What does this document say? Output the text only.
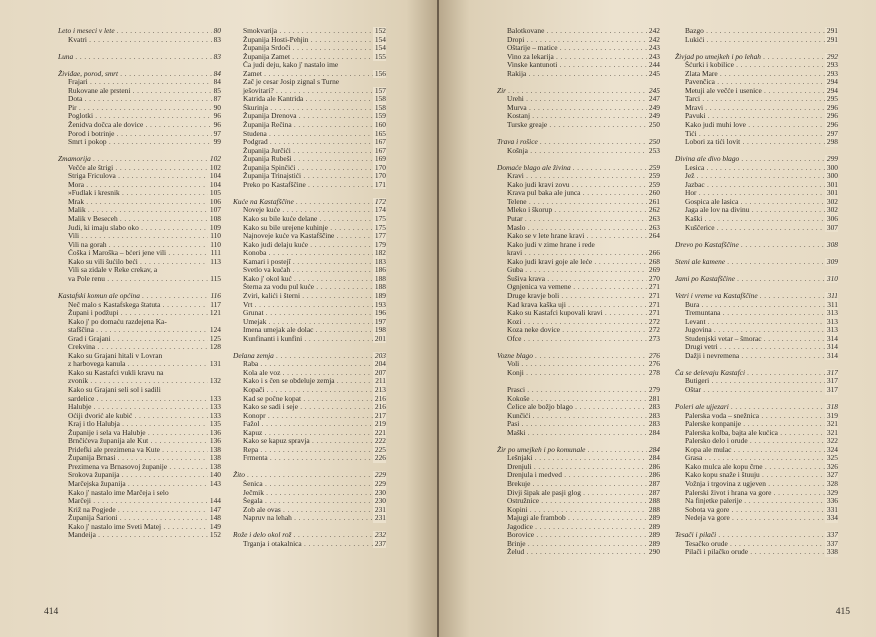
Leto i meseci v lete . . .	80
Kvatri . . .	83
Luna . . .	83
Živiđae, porod, smrt . . .	84
Frajari . . .	84
Rukovane ale prsteni . . .	85
Dota . . .	87
Pir . . .	90
Poglotki . . .	96
Ženidva dočca ale dovice . . .	96
Porod i botrinje . . .	97
Smrt i pokop . . .	99
Zmamorija . . .	102
Večće ale štrigi . . .	102
Striga Friculova . . .	104
Mora . . .	104
»Fudlak i kresnik . . .	105
Mrak . . .	106
Malik . . .	107
Malik v Beseceh . . .	108
Judi, ki imaju slabo oko . . .	109
Vili . . .	110
Vili na gorah . . .	110
Čoška i Maroška – bćeri jene vili . . .	111
Kako su vili šućilo beći . . .	113
Vili sa zidale v Reke crekav, a
va Pole renu . . .	115
Kastafski komun ale općina . . .	116
Neč malo s Kastafskega štatuta . . .	117
Župani i podžupi . . .	121
Kako j' po domaću razdejena Ka-
stafščina . . .	124
Grad i Grajani . . .	125
Crekvina . . .	128
Kako su Grajani hitali v Lovran
z harbovega kanula . . .	131
Kako su Kastafci vukli kravu na
zvonik . . .	132
Kako su Grajani seli sol i sadili
sardelice . . .	133
Halubje . . .	133
Oćiji dvorić ale kubić . . .	133
Kraj i tlo Halubja . . .	135
Županije i sela va Halubje . . .	136
Brnčićeva županija ale Kut . . .	136
Pridefki ale prezimena va Kute . . .	138
Županija Brnasi . . .	138
Prezimena va Brnasovoj županije . . .	138
Srokova županija . . .	140
Marčejska županija . . .	143
Kako j' nastalo ime Marčeja i selo
Marčeji . . .	144
Križ na Pogjede . . .	147
Županija Šarioni . . .	148
Kako j' nastalo ime Sveti Matej . . .	149
Mandeija . . .	152
Smokvarija . . .	152
Županija Hosti-Pehjin . . .	154
Županija Srdoči . . .	154
Županija Zamet . . .	155
Ča judi deju, kako j' nastalo ime
Zamet . . .	156
Zač je cesar Josip zignal s Turne
ješovitari? . . .	157
Katrida ale Kantrida . . .	158
Škurinja . . .	158
Županija Drenova . . .	159
Županija Rečina . . .	160
Studena . . .	165
Podgrad . . .	167
Županija Jurčići . . .	167
Županija Rubeši . . .	169
Županija Spinčići . . .	170
Županija Trinajstići . . .	170
Preko po Kastafščine . . .	171
Kuće na Kastafščine . . .	172
Noveje kuće . . .	174
Kako su bile kuće delane . . .	175
Kako su bile urejene kuhinje . . .	175
Najnoveje kuće va Kastafščine . . .	177
Kako judi delaju kuće . . .	179
Konoba . . .	182
Kamari i postejî . . .	183
Svetlo va kućah . . .	186
Kako j' okol kuć . . .	188
Šterna za vodu pul kuće . . .	188
Zviri, kalići i šterni . . .	189
Vrt . . .	193
Grunat . . .	196
Umejak . . .	197
Imena umejak ale dolac . . .	198
Kunfinanti i kunfini . . .	201
Delana zemja . . .	203
Raba . . .	204
Kola ale voz . . .	207
Kako i s čen se obdeluje zemja . . .	211
Kopači . . .	213
Kad se počne kopat . . .	216
Kako se sadi i seje . . .	216
Konopr . . .	217
Fažol . . .	219
Kapuz . . .	221
Kako se kapuz spravja . . .	222
Repa . . .	225
Frmenta . . .	226
Žito . . .	229
Šenica . . .	229
Ječmik . . .	230
Šegala . . .	230
Zob ale ovas . . .	231
Napruv na lehah . . .	231
Rože i delo okol rož . . .	232
Trganja i otakalnica . . .	237
414
Balotkovane . . .	242
Dropi . . .	242
Oštarije – matice . . .	243
Vino za lekarija . . .	243
Vinske kantunoti . . .	244
Rakija . . .	245
Zir . . .	245
Urehi . . .	247
Murva . . .	249
Kostanj . . .	249
Turske greaje . . .	250
Trava i rošice . . .	250
Košnja . . .	253
Domaće blago ale živina . . .	259
Kravi . . .	259
Kako judi kravi zovu . . .	259
Krava pul baka ale junca . . .	260
Telene . . .	261
Mleko i škorup . . .	262
Putar . . .	263
Maslo . . .	263
Kako se v lete hrane kravi . . .	264
Kako judi v zime hrane i rede
kravi . . .	266
Kako judi kravi goje ale leće . . .	268
Guba . . .	269
Šušiva krava . . .	270
Ognjenica va vemene . . .	271
Druge kravje boli . . .	271
Kad krava kaška uji . . .	271
Kako su Kastafci kupovali kravi . . .	271
Kozi . . .	272
Koza neke dovice . . .	272
Ofce . . .	273
Vozne blago . . .	276
Voli . . .	276
Konji . . .	278
Prasci . . .	279
Kokoše . . .	281
Čelice ale božjo blago . . .	283
Kunčići . . .	283
Pasi . . .	283
Maški . . .	284
Žir po umejkeh i po komunale . . .	284
Lešnjaki . . .	284
Drenjuli . . .	286
Drenjula i medved . . .	286
Brekuje . . .	287
Divji šipak ale pasji glog . . .	287
Ostružnice . . .	288
Kopini . . .	288
Majugi ale frambob . . .	289
Jagodice . . .	289
Borovice . . .	289
Brinje . . .	289
Želud . . .	290
Bazgo . . .	291
Lukići . . .	291
Živjad po umejkeh i po lehah . . .	292
Šćurki i kobilice . . .	293
Zlata Mare . . .	293
Pavenčica . . .	294
Metuji ale večće i usenice . . .	294
Tarci . . .	295
Mravi . . .	296
Pavuki . . .	296
Kako judi muhi love . . .	296
Tići . . .	297
Lobori za tići lovit . . .	298
Divina ale divo blago . . .	299
Lesica . . .	300
Jež . . .	300
Jazbac . . .	301
Hor . . .	301
Gospica ale lasica . . .	302
Jaga ale lov na divinu . . .	302
Kaški . . .	306
Kuščerice . . .	307
Drevo po Kastafščine . . .	308
Steni ale kamene . . .	309
Jami po Kastafščine . . .	310
Vetri i vreme va Kastafščine . . .	311
Bura . . .	311
Tremuntana . . .	313
Levant . . .	313
Jugovina . . .	313
Studenjski vetar – šmorac . . .	314
Drugi vetri . . .	314
Dažji i nevremena . . .	314
Ča se delevaju Kastafci . . .	317
Butigeri . . .	317
Oštar . . .	317
Poleri ale ujjezari . . .	318
Palerska voda – snežnica . . .	319
Palerske konpanije . . .	321
Palerska kolba, bajta ale kućica . . .	321
Palersko delo i orude . . .	322
Kopa ale mulac . . .	324
Grasa . . .	325
Kako mulca ale kopu črne . . .	326
Kako kopu snaže i štuuju . . .	327
Vožnja i trgovina z ugjeven . . .	328
Palerski život i hrana va gore . . .	329
Na finjetke palerije . . .	336
Sobota va gore . . .	331
Nedeja va gore . . .	334
Tesači i pilači . . .	337
Tesačko orude . . .	337
Pilači i pilačko orude . . .	338
415
